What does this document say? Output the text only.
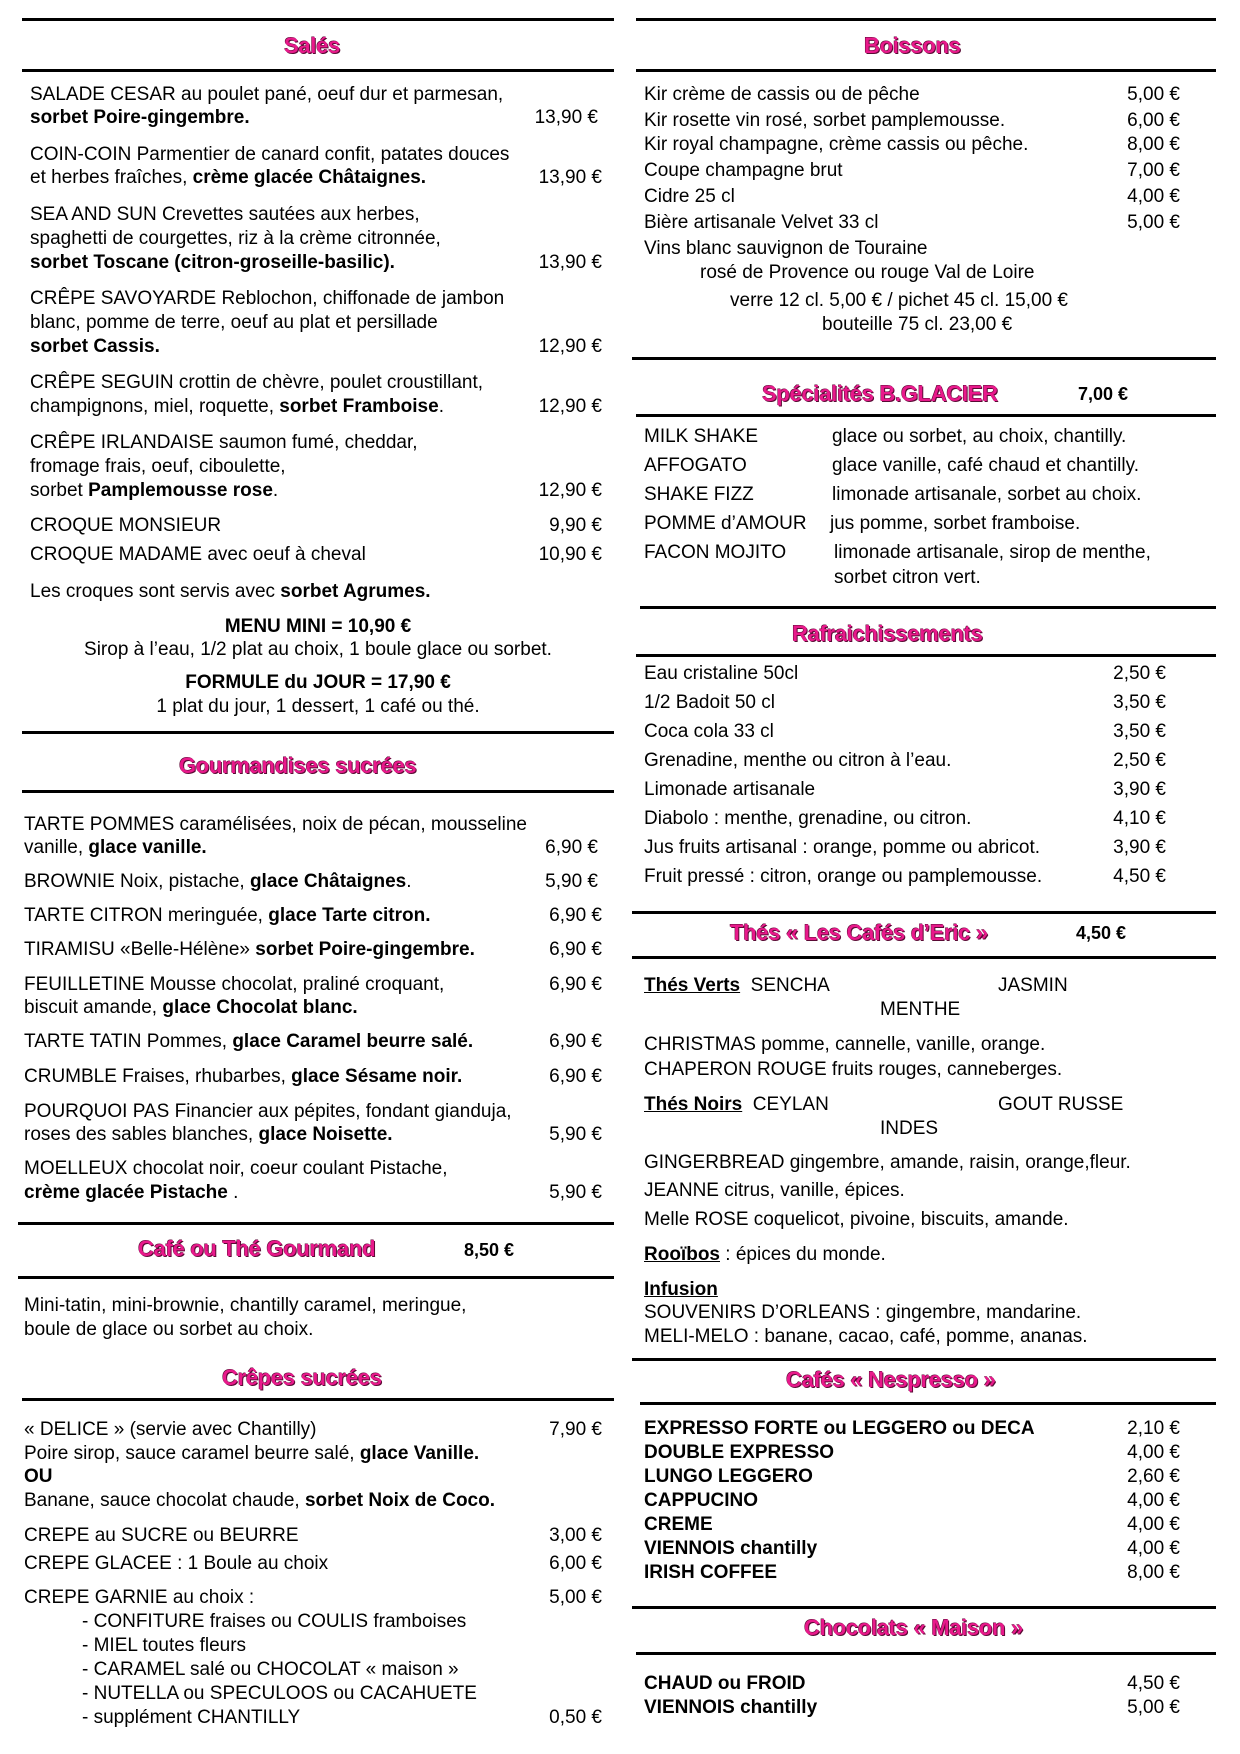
Salés
SALADE CESAR au poulet pané, oeuf dur et parmesan,
sorbet Poire-gingembre.	13,90 €
COIN-COIN Parmentier de canard confit, patates douces
et herbes fraîches, crème glacée Châtaignes.	13,90 €
SEA AND SUN Crevettes sautées aux herbes,
spaghetti de courgettes, riz à la crème citronnée,
sorbet Toscane (citron-groseille-basilic).	13,90 €
CRÊPE SAVOYARDE Reblochon, chiffonade de jambon
blanc, pomme de terre, oeuf au plat et persillade
sorbet Cassis.	12,90 €
CRÊPE SEGUIN crottin de chèvre, poulet croustillant,
champignons, miel, roquette, sorbet Framboise.	12,90 €
CRÊPE IRLANDAISE saumon fumé, cheddar,
fromage frais, oeuf, ciboulette,
sorbet Pamplemousse rose.	12,90 €
CROQUE MONSIEUR	9,90 €
CROQUE MADAME avec oeuf à cheval	10,90 €
Les croques sont servis avec sorbet Agrumes.
MENU MINI = 10,90 €
Sirop à l’eau, 1/2 plat au choix, 1 boule glace ou sorbet.
FORMULE du JOUR = 17,90 €
1 plat du jour, 1 dessert, 1 café ou thé.
Gourmandises sucrées
TARTE POMMES caramélisées, noix de pécan, mousseline
vanille, glace vanille.	6,90 €
BROWNIE Noix, pistache, glace Châtaignes.	5,90 €
TARTE CITRON meringuée, glace Tarte citron.	6,90 €
TIRAMISU «Belle-Hélène» sorbet Poire-gingembre.	6,90 €
FEUILLETINE Mousse chocolat, praliné croquant,	6,90 €
biscuit amande, glace Chocolat blanc.
TARTE TATIN Pommes, glace Caramel beurre salé.	6,90 €
CRUMBLE Fraises, rhubarbes, glace Sésame noir.	6,90 €
POURQUOI PAS Financier aux pépites, fondant gianduja,
roses des sables blanches, glace Noisette.	5,90 €
MOELLEUX chocolat noir, coeur coulant Pistache,
crème glacée Pistache .	5,90 €
Café ou Thé Gourmand	8,50 €
Mini-tatin, mini-brownie, chantilly caramel, meringue,
boule de glace ou sorbet au choix.
Crêpes sucrées
« DELICE » (servie avec Chantilly)	7,90 €
Poire sirop, sauce caramel beurre salé, glace Vanille.
OU
Banane, sauce chocolat chaude, sorbet Noix de Coco.
CREPE au SUCRE ou BEURRE	3,00 €
CREPE GLACEE : 1 Boule au choix	6,00 €
CREPE GARNIE au choix :	5,00 €
- CONFITURE fraises ou COULIS framboises
- MIEL toutes fleurs
- CARAMEL salé ou CHOCOLAT « maison »
- NUTELLA ou SPECULOOS ou CACAHUETE
- supplément CHANTILLY	0,50 €
Boissons
Kir crème de cassis ou de pêche	5,00 €
Kir rosette vin rosé, sorbet pamplemousse.	6,00 €
Kir royal champagne, crème cassis ou pêche.	8,00 €
Coupe champagne brut	7,00 €
Cidre 25 cl	4,00 €
Bière artisanale Velvet 33 cl	5,00 €
Vins blanc sauvignon de Touraine
rosé de Provence ou rouge Val de Loire
verre 12 cl. 5,00 € / pichet 45 cl. 15,00 €
bouteille 75 cl. 23,00 €
Spécialités B.GLACIER	7,00 €
MILK SHAKE	glace ou sorbet, au choix, chantilly.
AFFOGATO	glace vanille, café chaud et chantilly.
SHAKE FIZZ	limonade artisanale, sorbet au choix.
POMME d’AMOUR jus pomme, sorbet framboise.
FACON MOJITO	limonade artisanale, sirop de menthe,
sorbet citron vert.
Rafraichissements
Eau cristaline 50cl	2,50 €
1/2 Badoit 50 cl	3,50 €
Coca cola 33 cl	3,50 €
Grenadine, menthe ou citron à l’eau.	2,50 €
Limonade artisanale	3,90 €
Diabolo : menthe, grenadine, ou citron.	4,10 €
Jus fruits artisanal : orange, pomme ou abricot.	3,90 €
Fruit pressé : citron, orange ou pamplemousse.	4,50 €
Thés « Les Cafés d’Eric »	4,50 €
Thés Verts SENCHA	JASMIN
MENTHE
CHRISTMAS pomme, cannelle, vanille, orange.
CHAPERON ROUGE fruits rouges, canneberges.
Thés Noirs CEYLAN	GOUT RUSSE
INDES
GINGERBREAD gingembre, amande, raisin, orange,fleur.
JEANNE citrus, vanille, épices.
Melle ROSE coquelicot, pivoine, biscuits, amande.
Rooïbos : épices du monde.
Infusion
SOUVENIRS D’ORLEANS : gingembre, mandarine.
MELI-MELO : banane, cacao, café, pomme, ananas.
Cafés « Nespresso »
EXPRESSO FORTE ou LEGGERO ou DECA	2,10 €
DOUBLE EXPRESSO	4,00 €
LUNGO LEGGERO	2,60 €
CAPPUCINO	4,00 €
CREME	4,00 €
VIENNOIS chantilly	4,00 €
IRISH COFFEE	8,00 €
Chocolats « Maison »
CHAUD ou FROID	4,50 €
VIENNOIS chantilly	5,00 €
